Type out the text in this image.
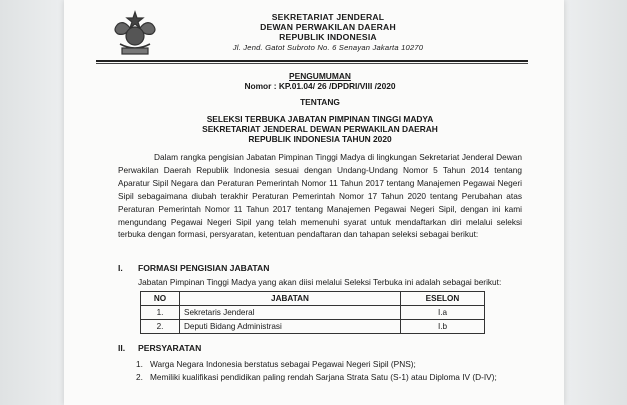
SEKRETARIAT JENDERAL
DEWAN PERWAKILAN DAERAH
REPUBLIK INDONESIA
Jl. Jend. Gatot Subroto No. 6 Senayan Jakarta 10270
PENGUMUMAN
Nomor : KP.01.04/ 26 /DPDRI/VIII /2020
TENTANG
SELEKSI TERBUKA JABATAN PIMPINAN TINGGI MADYA
SEKRETARIAT JENDERAL DEWAN PERWAKILAN DAERAH
REPUBLIK INDONESIA TAHUN 2020

Dalam rangka pengisian Jabatan Pimpinan Tinggi Madya di lingkungan Sekretariat Jenderal Dewan Perwakilan Daerah Republik Indonesia sesuai dengan Undang-Undang Nomor 5 Tahun 2014 tentang Aparatur Sipil Negara dan Peraturan Pemerintah Nomor 11 Tahun 2017 tentang Manajemen Pegawai Negeri Sipil sebagaimana diubah terakhir Peraturan Pemerintah Nomor 17 Tahun 2020 tentang Perubahan atas Peraturan Pemerintah Nomor 11 Tahun 2017 tentang Manajemen Pegawai Negeri Sipil, dengan ini kami mengundang Pegawai Negeri Sipil yang telah memenuhi syarat untuk mendaftarkan diri melalui seleksi terbuka dengan formasi, persyaratan, ketentuan pendaftaran dan tahapan seleksi sebagai berikut:

I. FORMASI PENGISIAN JABATAN
Jabatan Pimpinan Tinggi Madya yang akan diisi melalui Seleksi Terbuka ini adalah sebagai berikut:
NO	JABATAN	ESELON
1.	Sekretaris Jenderal	I.a
2.	Deputi Bidang Administrasi	I.b
II. PERSYARATAN
1. Warga Negara Indonesia berstatus sebagai Pegawai Negeri Sipil (PNS);
2. Memiliki kualifikasi pendidikan paling rendah Sarjana Strata Satu (S-1) atau Diploma IV (D-IV);
